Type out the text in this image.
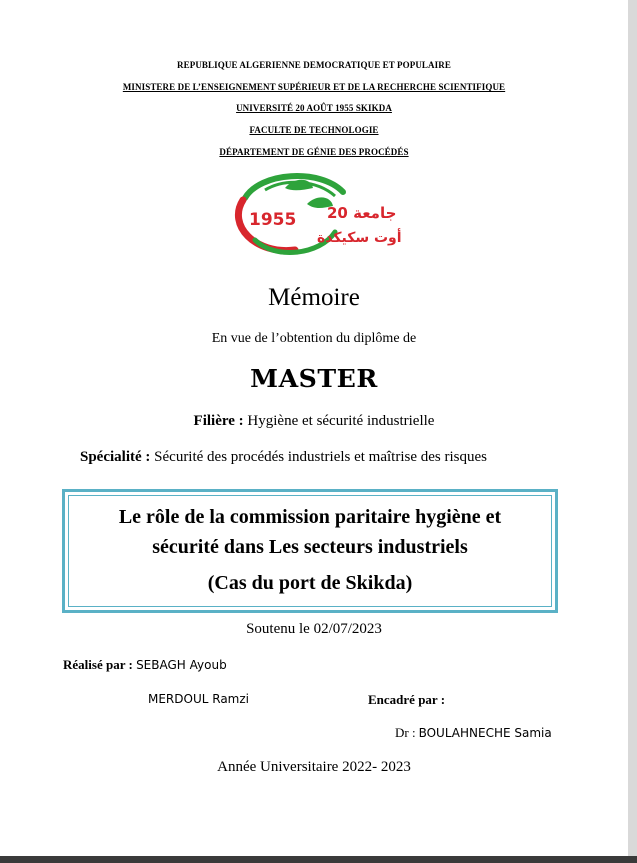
REPUBLIQUE ALGERIENNE DEMOCRATIQUE ET POPULAIRE
MINISTERE DE L’ENSEIGNEMENT SUPÉRIEUR ET DE LA RECHERCHE SCIENTIFIQUE
UNIVERSITÉ 20 AOÛT 1955 SKIKDA
FACULTE DE TECHNOLOGIE
DÉPARTEMENT DE GÉNIE DES PROCÉDÉS
1955 جامعة 20
أوت سكيكدة
Mémoire
En vue de l’obtention du diplôme de
MASTER
Filière : Hygiène et sécurité industrielle
Spécialité : Sécurité des procédés industriels et maîtrise des risques
Le rôle de la commission paritaire hygiène et
sécurité dans Les secteurs industriels
(Cas du port de Skikda)
Soutenu le 02/07/2023
Réalisé par : SEBAGH Ayoub
MERDOUL Ramzi	Encadré par :
Dr : BOULAHNECHE Samia
Année Universitaire 2022- 2023
